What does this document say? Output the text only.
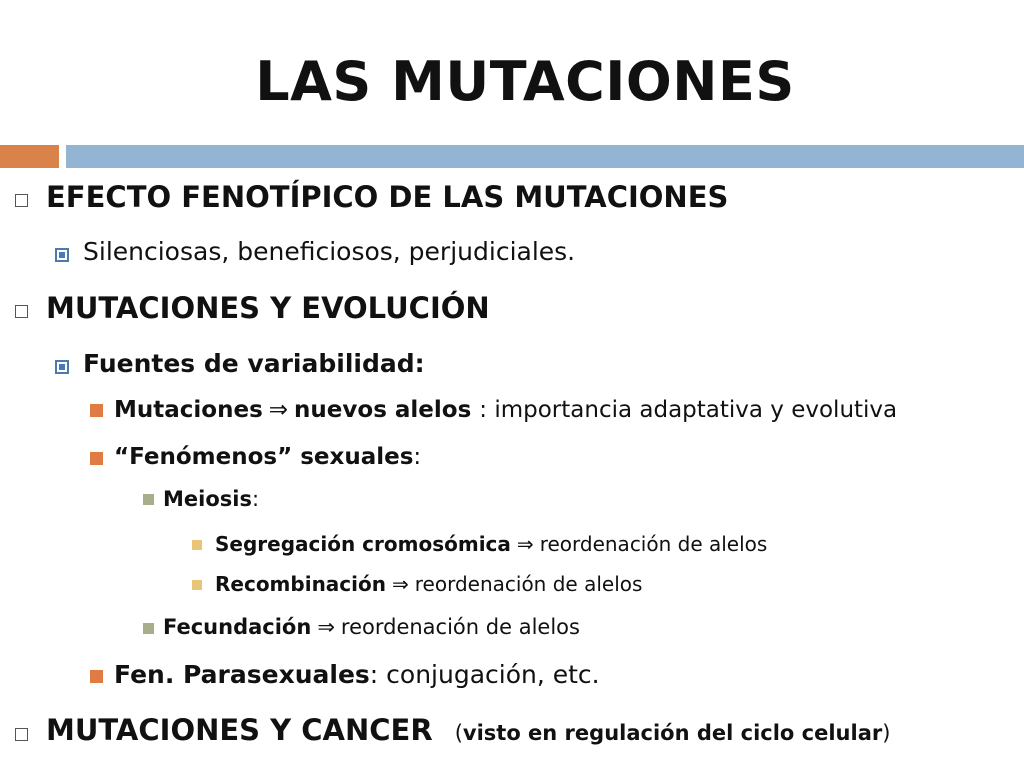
LAS MUTACIONES
EFECTO FENOTÍPICO DE LAS MUTACIONES
Silenciosas, beneficiosos, perjudiciales.
MUTACIONES Y EVOLUCIÓN
Fuentes de variabilidad:
Mutaciones ⇒ nuevos alelos : importancia adaptativa y evolutiva
“Fenómenos” sexuales :
Meiosis :
Segregación cromosómica ⇒ reordenación de alelos
Recombinación ⇒ reordenación de alelos
Fecundación ⇒ reordenación de alelos
Fen. Parasexuales : conjugación, etc.
MUTACIONES Y CANCER ( visto en regulación del ciclo celular )
